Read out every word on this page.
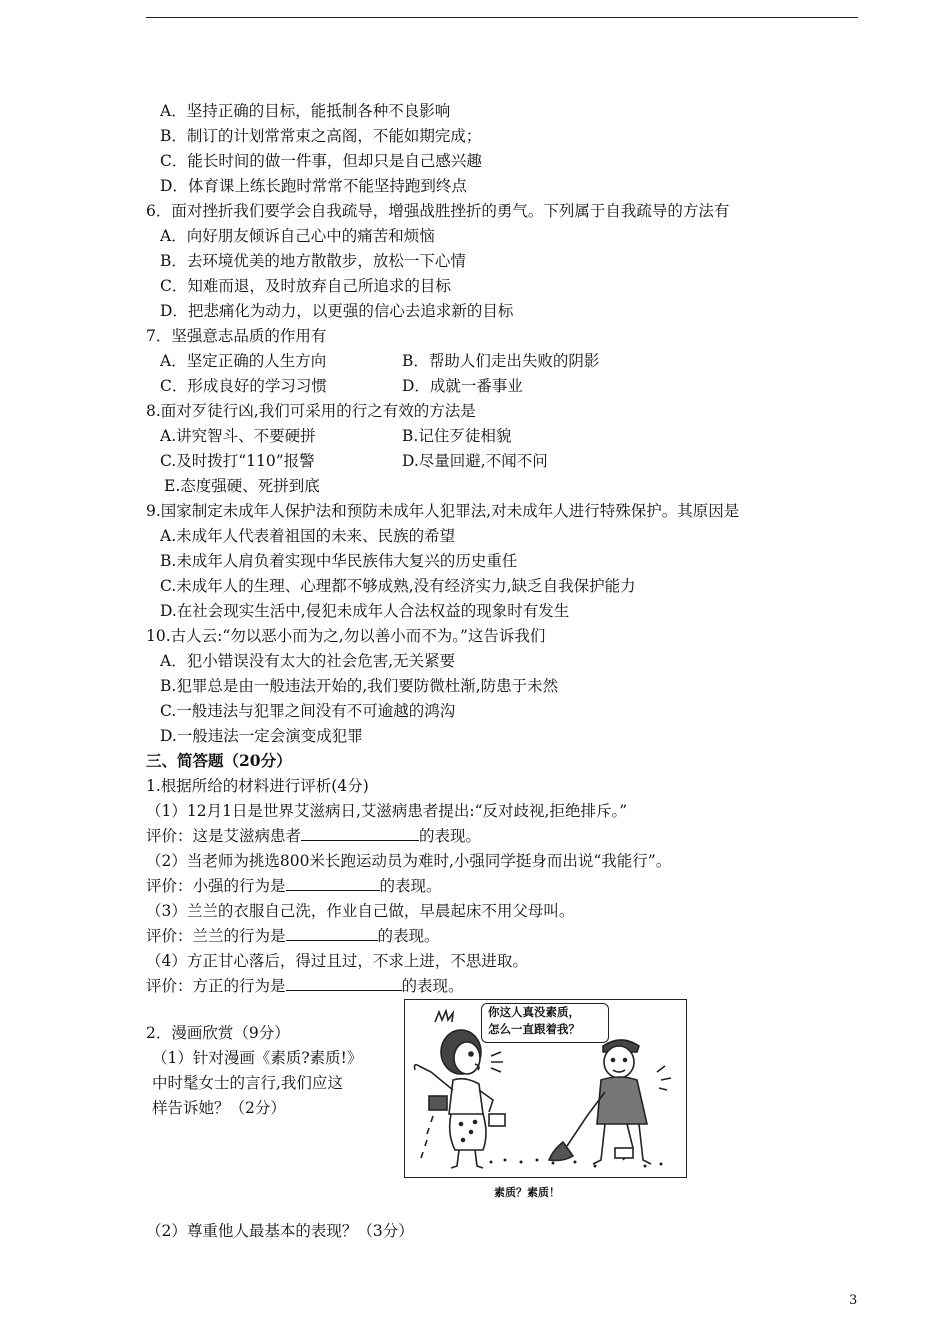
A．坚持正确的目标，能抵制各种不良影响
B．制订的计划常常束之高阁，不能如期完成；
C．能长时间的做一件事，但却只是自己感兴趣
D．体育课上练长跑时常常不能坚持跑到终点
6．面对挫折我们要学会自我疏导，增强战胜挫折的勇气。下列属于自我疏导的方法有
A．向好朋友倾诉自己心中的痛苦和烦恼
B．去环境优美的地方散散步，放松一下心情
C．知难而退，及时放弃自己所追求的目标
D．把悲痛化为动力，以更强的信心去追求新的目标
7．坚强意志品质的作用有
A．坚定正确的人生方向	B．帮助人们走出失败的阴影
C．形成良好的学习习惯	D．成就一番事业
8.面对歹徒行凶,我们可采用的行之有效的方法是
A.讲究智斗、不要硬拼	B.记住歹徒相貌
C.及时拨打“110”报警	D.尽量回避,不闻不问
E.态度强硬、死拼到底
9.国家制定未成年人保护法和预防未成年人犯罪法,对未成年人进行特殊保护。其原因是
A.未成年人代表着祖国的未来、民族的希望
B.未成年人肩负着实现中华民族伟大复兴的历史重任
C.未成年人的生理、心理都不够成熟,没有经济实力,缺乏自我保护能力
D.在社会现实生活中,侵犯未成年人合法权益的现象时有发生
10.古人云:“勿以恶小而为之,勿以善小而不为。”这告诉我们
A．犯小错误没有太大的社会危害,无关紧要
B.犯罪总是由一般违法开始的,我们要防微杜渐,防患于未然
C.一般违法与犯罪之间没有不可逾越的鸿沟
D.一般违法一定会演变成犯罪
三、简答题（20分）
1.根据所给的材料进行评析(4分)
（1）12月1日是世界艾滋病日,艾滋病患者提出:“反对歧视,拒绝排斥。”
评价：这是艾滋病患者	的表现。
（2）当老师为挑选800米长跑运动员为难时,小强同学挺身而出说“我能行”。
评价：小强的行为是	的表现。
（3）兰兰的衣服自己洗，作业自己做，早晨起床不用父母叫。
评价：兰兰的行为是	的表现。
（4）方正甘心落后，得过且过，不求上进，不思进取。
评价：方正的行为是	的表现。
2．漫画欣赏（9分）
（1）针对漫画《素质?素质!》
中时髦女士的言行,我们应这
样告诉她？（2分）
你这人真没素质，
怎么一直跟着我？
素质？素质！
（2）尊重他人最基本的表现？（3分）
3
